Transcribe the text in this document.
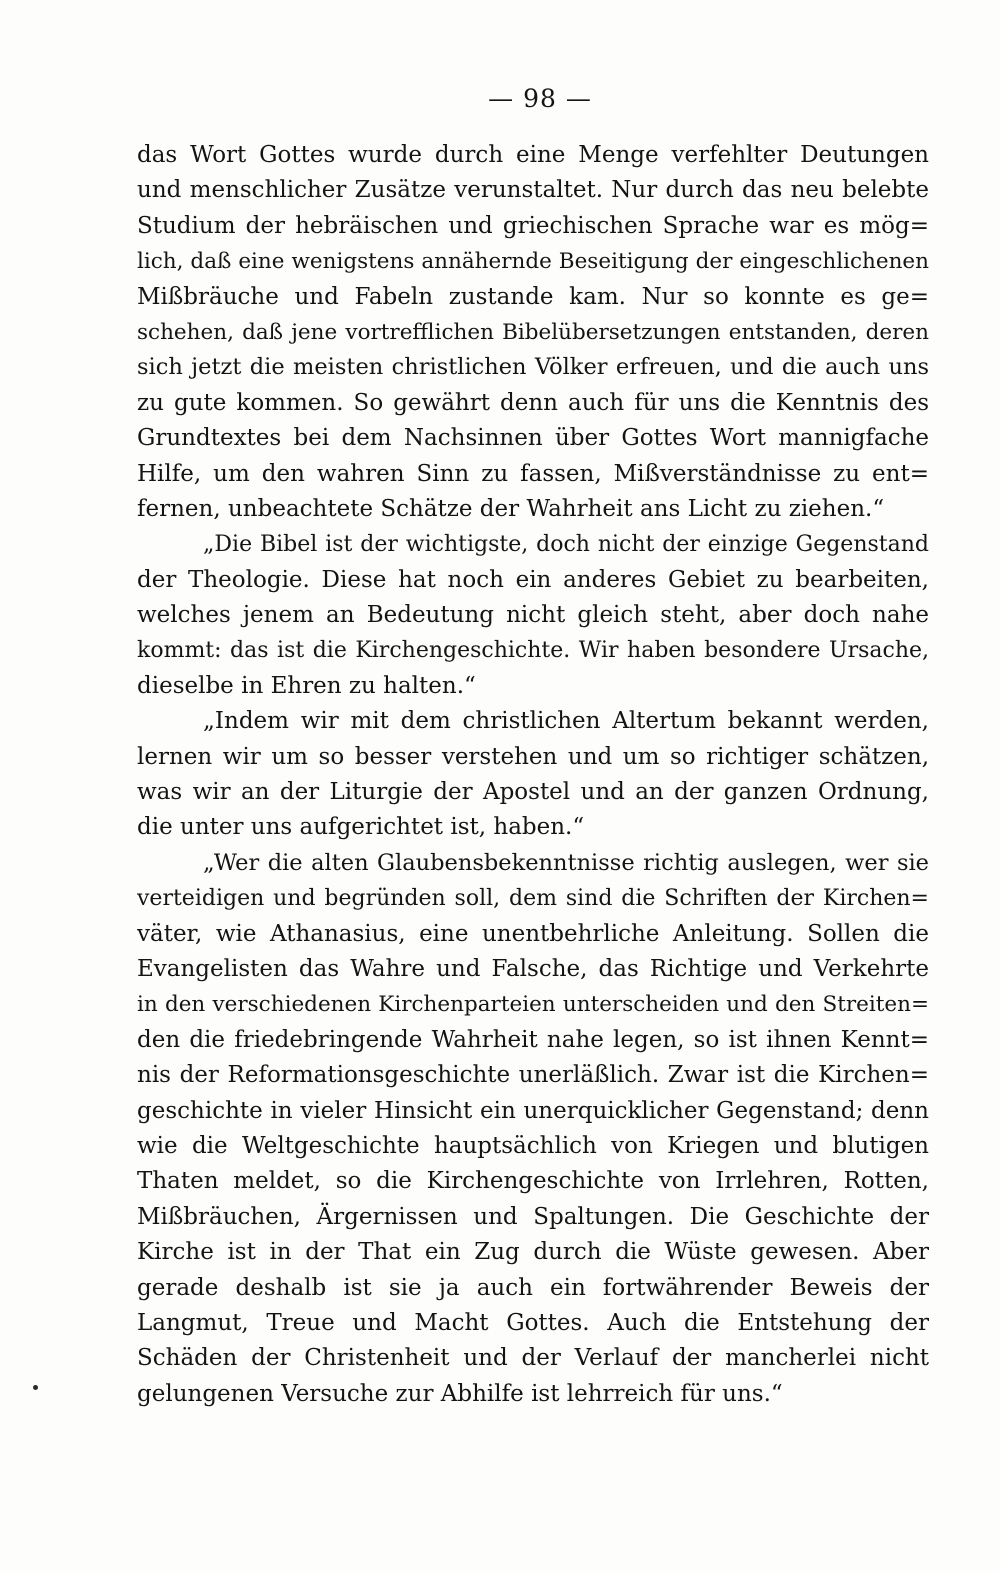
— 98 —
das Wort Gottes wurde durch eine Menge verfehlter Deutungen
und menschlicher Zusätze verunstaltet. Nur durch das neu belebte
Studium der hebräischen und griechischen Sprache war es mög=
lich, daß eine wenigstens annähernde Beseitigung der eingeschlichenen
Mißbräuche und Fabeln zustande kam. Nur so konnte es ge=
schehen, daß jene vortrefflichen Bibelübersetzungen entstanden, deren
sich jetzt die meisten christlichen Völker erfreuen, und die auch uns
zu gute kommen. So gewährt denn auch für uns die Kenntnis des
Grundtextes bei dem Nachsinnen über Gottes Wort mannigfache
Hilfe, um den wahren Sinn zu fassen, Mißverständnisse zu ent=
fernen, unbeachtete Schätze der Wahrheit ans Licht zu ziehen.“
„Die Bibel ist der wichtigste, doch nicht der einzige Gegenstand
der Theologie. Diese hat noch ein anderes Gebiet zu bearbeiten,
welches jenem an Bedeutung nicht gleich steht, aber doch nahe
kommt: das ist die Kirchengeschichte. Wir haben besondere Ursache,
dieselbe in Ehren zu halten.“
„Indem wir mit dem christlichen Altertum bekannt werden,
lernen wir um so besser verstehen und um so richtiger schätzen,
was wir an der Liturgie der Apostel und an der ganzen Ordnung,
die unter uns aufgerichtet ist, haben.“
„Wer die alten Glaubensbekenntnisse richtig auslegen, wer sie
verteidigen und begründen soll, dem sind die Schriften der Kirchen=
väter, wie Athanasius, eine unentbehrliche Anleitung. Sollen die
Evangelisten das Wahre und Falsche, das Richtige und Verkehrte
in den verschiedenen Kirchenparteien unterscheiden und den Streiten=
den die friedebringende Wahrheit nahe legen, so ist ihnen Kennt=
nis der Reformationsgeschichte unerläßlich. Zwar ist die Kirchen=
geschichte in vieler Hinsicht ein unerquicklicher Gegenstand; denn
wie die Weltgeschichte hauptsächlich von Kriegen und blutigen
Thaten meldet, so die Kirchengeschichte von Irrlehren, Rotten,
Mißbräuchen, Ärgernissen und Spaltungen. Die Geschichte der
Kirche ist in der That ein Zug durch die Wüste gewesen. Aber
gerade deshalb ist sie ja auch ein fortwährender Beweis der
Langmut, Treue und Macht Gottes. Auch die Entstehung der
Schäden der Christenheit und der Verlauf der mancherlei nicht
gelungenen Versuche zur Abhilfe ist lehrreich für uns.“
